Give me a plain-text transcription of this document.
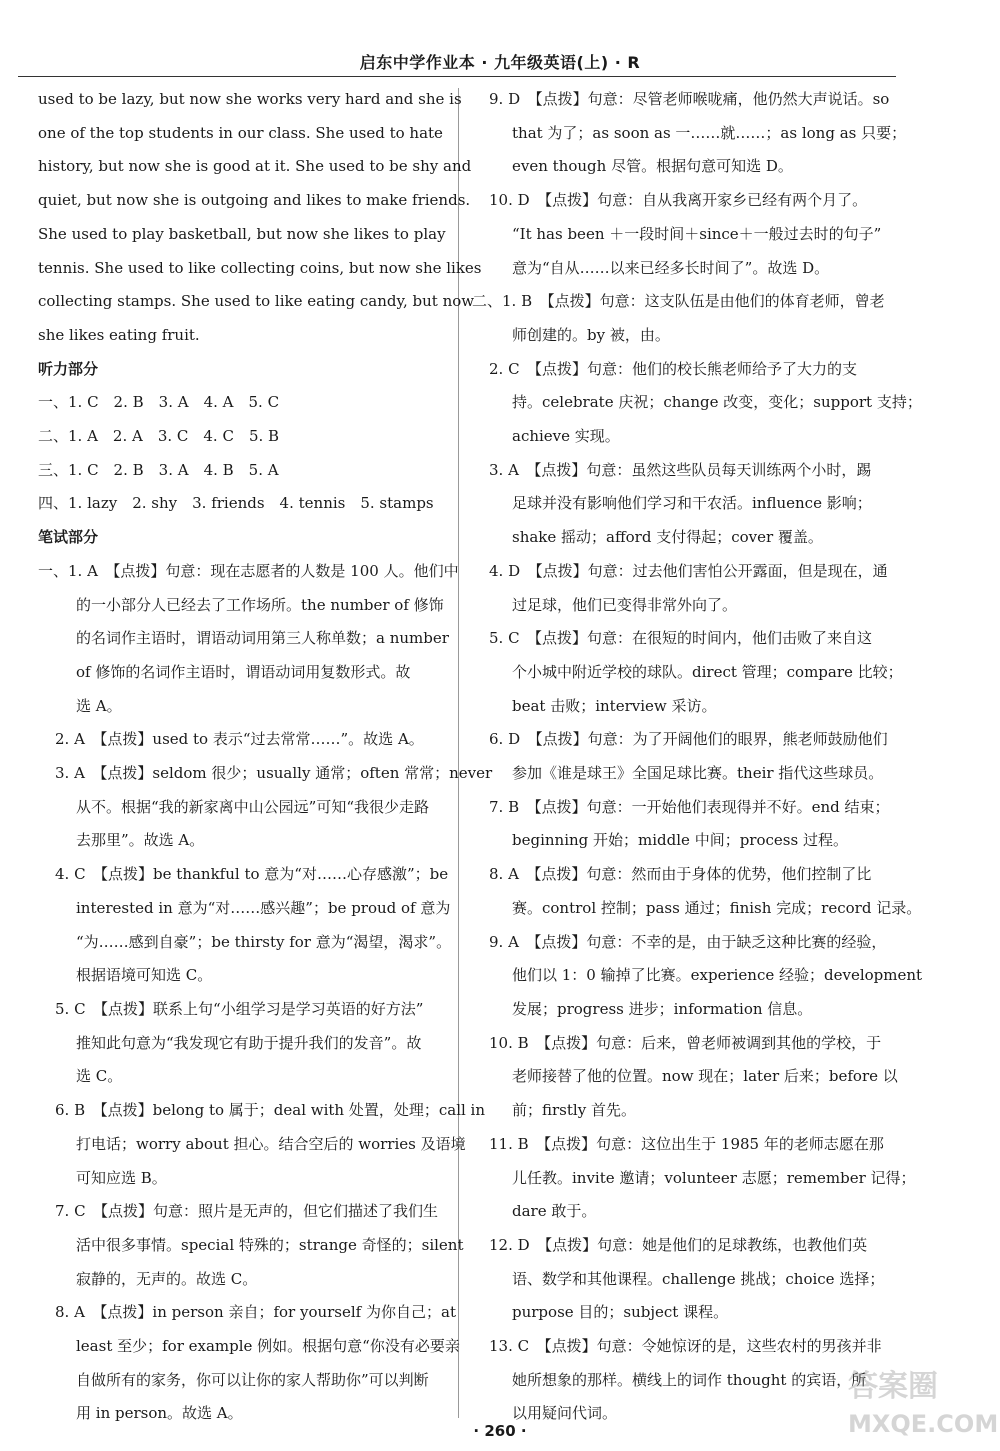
启东中学作业本 · 九年级英语(上) · R
used to be lazy, but now she works very hard and she is
one of the top students in our class. She used to hate
history, but now she is good at it. She used to be shy and
quiet, but now she is outgoing and likes to make friends.
She used to play basketball, but now she likes to play
tennis. She used to like collecting coins, but now she likes
collecting stamps. She used to like eating candy, but now
she likes eating fruit.
听力部分
一、1. C　2. B　3. A　4. A　5. C
二、1. A　2. A　3. C　4. C　5. B
三、1. C　2. B　3. A　4. B　5. A
四、1. lazy　2. shy　3. friends　4. tennis　5. stamps
笔试部分
一、1. A　【点拨】句意：现在志愿者的人数是 100 人。他们中
的一小部分人已经去了工作场所。the number of 修饰
的名词作主语时，谓语动词用第三人称单数；a number
of 修饰的名词作主语时，谓语动词用复数形式。故
选 A。
2. A　【点拨】used to 表示“过去常常……”。故选 A。
3. A　【点拨】seldom 很少；usually 通常；often 常常；never
从不。根据“我的新家离中山公园远”可知“我很少走路
去那里”。故选 A。
4. C　【点拨】be thankful to 意为“对……心存感激”；be
interested in 意为“对……感兴趣”；be proud of 意为
“为……感到自豪”；be thirsty for 意为“渴望，渴求”。
根据语境可知选 C。
5. C　【点拨】联系上句“小组学习是学习英语的好方法”
推知此句意为“我发现它有助于提升我们的发音”。故
选 C。
6. B　【点拨】belong to 属于；deal with 处置，处理；call in
打电话；worry about 担心。结合空后的 worries 及语境
可知应选 B。
7. C　【点拨】句意：照片是无声的，但它们描述了我们生
活中很多事情。special 特殊的；strange 奇怪的；silent
寂静的，无声的。故选 C。
8. A　【点拨】in person 亲自；for yourself 为你自己；at
least 至少；for example 例如。根据句意“你没有必要亲
自做所有的家务，你可以让你的家人帮助你”可以判断
用 in person。故选 A。
9. D　【点拨】句意：尽管老师喉咙痛，他仍然大声说话。so
that 为了；as soon as 一……就……；as long as 只要；
even though 尽管。根据句意可知选 D。
10. D　【点拨】句意：自从我离开家乡已经有两个月了。
“It has been ＋一段时间＋since＋一般过去时的句子”
意为“自从……以来已经多长时间了”。故选 D。
二、1. B　【点拨】句意：这支队伍是由他们的体育老师，曾老
师创建的。by 被，由。
2. C　【点拨】句意：他们的校长熊老师给予了大力的支
持。celebrate 庆祝；change 改变，变化；support 支持；
achieve 实现。
3. A　【点拨】句意：虽然这些队员每天训练两个小时，踢
足球并没有影响他们学习和干农活。influence 影响；
shake 摇动；afford 支付得起；cover 覆盖。
4. D　【点拨】句意：过去他们害怕公开露面，但是现在，通
过足球，他们已变得非常外向了。
5. C　【点拨】句意：在很短的时间内，他们击败了来自这
个小城中附近学校的球队。direct 管理；compare 比较；
beat 击败；interview 采访。
6. D　【点拨】句意：为了开阔他们的眼界，熊老师鼓励他们
参加《谁是球王》全国足球比赛。their 指代这些球员。
7. B　【点拨】句意：一开始他们表现得并不好。end 结束；
beginning 开始；middle 中间；process 过程。
8. A　【点拨】句意：然而由于身体的优势，他们控制了比
赛。control 控制；pass 通过；finish 完成；record 记录。
9. A　【点拨】句意：不幸的是，由于缺乏这种比赛的经验，
他们以 1：0 输掉了比赛。experience 经验；development
发展；progress 进步；information 信息。
10. B　【点拨】句意：后来，曾老师被调到其他的学校，于
老师接替了他的位置。now 现在；later 后来；before 以
前；firstly 首先。
11. B　【点拨】句意：这位出生于 1985 年的老师志愿在那
儿任教。invite 邀请；volunteer 志愿；remember 记得；
dare 敢于。
12. D　【点拨】句意：她是他们的足球教练，也教他们英
语、数学和其他课程。challenge 挑战；choice 选择；
purpose 目的；subject 课程。
13. C　【点拨】句意：令她惊讶的是，这些农村的男孩并非
她所想象的那样。横线上的词作 thought 的宾语，所
以用疑问代词。
· 260 ·
答案圈
MXQE.COM
